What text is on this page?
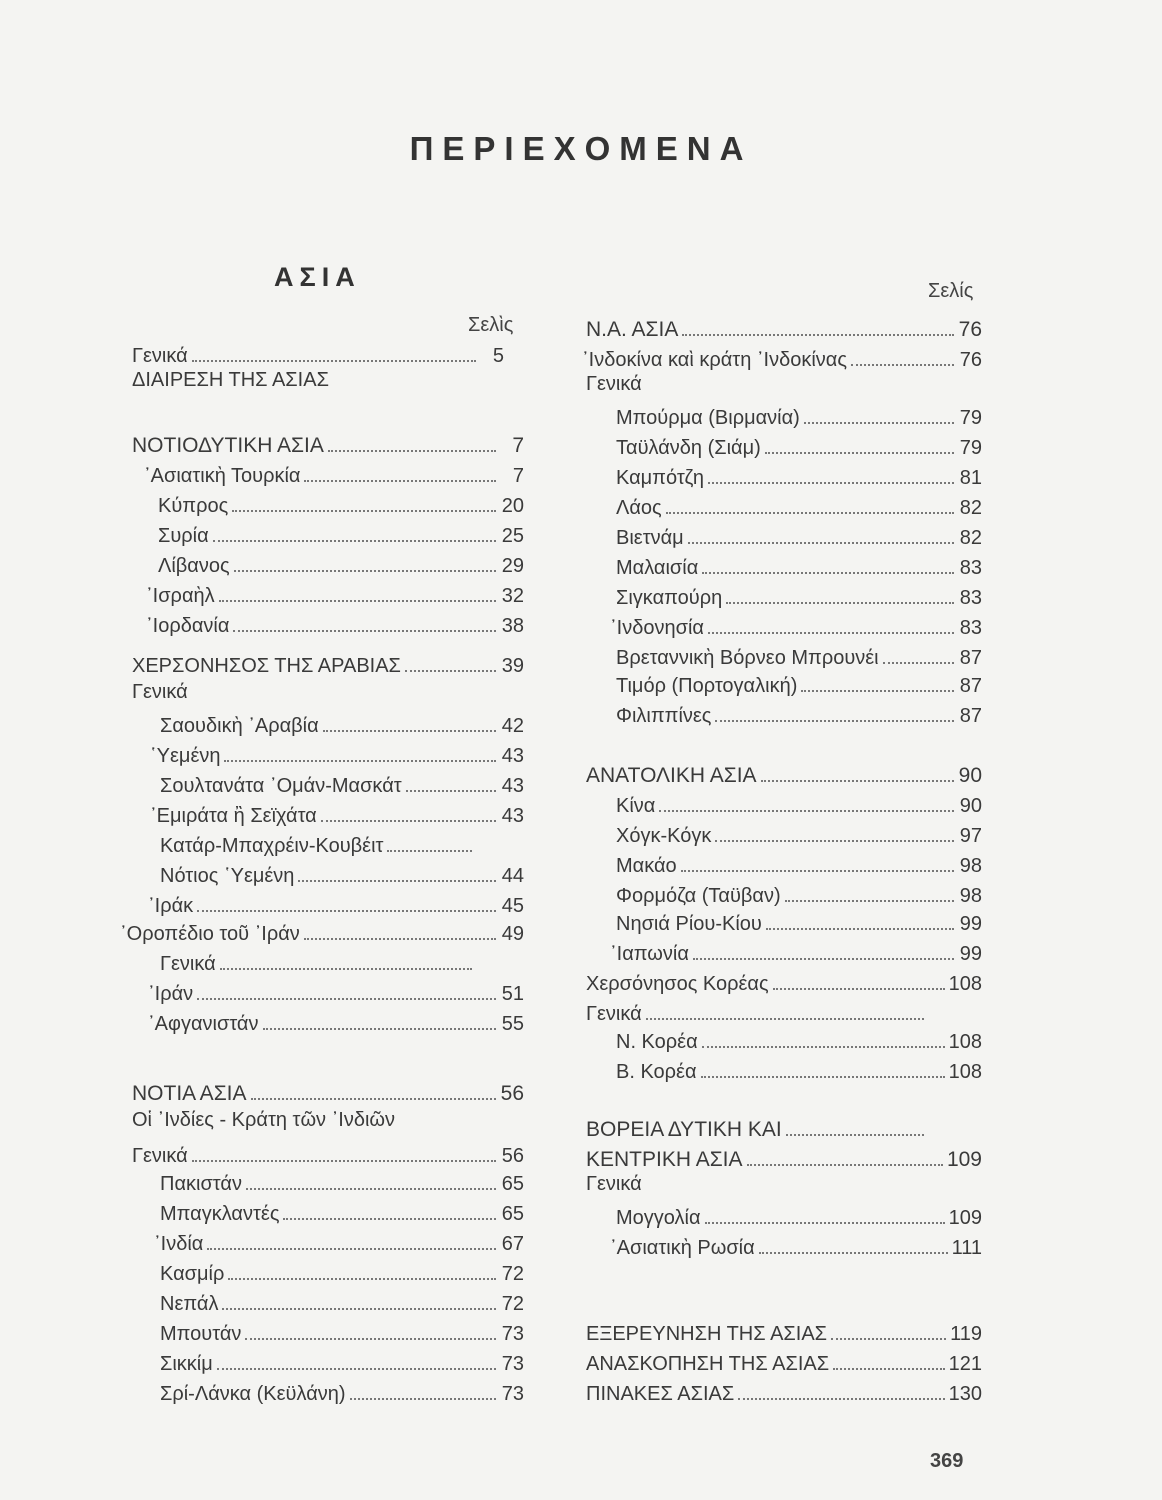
ΠΕΡΙΕΧΟΜΕΝΑ
ΑΣΙΑ
Σελὶς
Γενικά	5
ΔΙΑΙΡΕΣΗ ΤΗΣ ΑΣΙΑΣ
ΝΟΤΙΟΔΥΤΙΚΗ ΑΣΙΑ	7
᾿Ασιατικὴ Τουρκία	7
Κύπρος	20
Συρία	25
Λίβανος	29
᾿Ισραὴλ	32
᾿Ιορδανία	38
ΧΕΡΣΟΝΗΣΟΣ ΤΗΣ ΑΡΑΒΙΑΣ	39
Γενικά
Σαουδικὴ ᾿Αραβία	42
῾Υεμένη	43
Σουλτανάτα ᾿Ομάν-Μασκάτ	43
᾿Εμιράτα ἢ Σεϊχάτα	43
Κατάρ-Μπαχρέιν-Κουβέιτ
Νότιος ῾Υεμένη	44
᾿Ιράκ	45
᾿Οροπέδιο τοῦ ᾿Ιράν	49
Γενικά
᾿Ιράν	51
᾿Αφγανιστάν	55
ΝΟΤΙΑ ΑΣΙΑ	56
Οἱ ᾿Ινδίες - Κράτη τῶν ᾿Ινδιῶν
Γενικά	56
Πακιστάν	65
Μπαγκλαντές	65
᾿Ινδία	67
Κασμίρ	72
Νεπάλ	72
Μπουτάν	73
Σικκίμ	73
Σρί-Λάνκα (Κεϋλάνη)	73
Σελίς
Ν.Α. ΑΣΙΑ	76
᾿Ινδοκίνα καὶ κράτη ᾿Ινδοκίνας	76
Γενικά
Μπούρμα (Βιρμανία)	79
Ταϋλάνδη (Σιάμ)	79
Καμπότζη	81
Λάος	82
Βιετνάμ	82
Μαλαισία	83
Σιγκαπούρη	83
᾿Ινδονησία	83
Βρεταννικὴ Βόρνεο Μπρουνέι	87
Τιμόρ (Πορτογαλική)	87
Φιλιππίνες	87
ΑΝΑΤΟΛΙΚΗ ΑΣΙΑ	90
Κίνα	90
Χόγκ-Κόγκ	97
Μακάο	98
Φορμόζα (Ταϋβαν)	98
Νησιά Ρίου-Κίου	99
᾿Ιαπωνία	99
Χερσόνησος Κορέας	108
Γενικά
Ν. Κορέα	108
Β. Κορέα	108
ΒΟΡΕΙΑ ΔΥΤΙΚΗ ΚΑΙ
ΚΕΝΤΡΙΚΗ ΑΣΙΑ	109
Γενικά
Μογγολία	109
᾿Ασιατικὴ Ρωσία	111
ΕΞΕΡΕΥΝΗΣΗ ΤΗΣ ΑΣΙΑΣ	119
ΑΝΑΣΚΟΠΗΣΗ ΤΗΣ ΑΣΙΑΣ	121
ΠΙΝΑΚΕΣ ΑΣΙΑΣ	130
369
